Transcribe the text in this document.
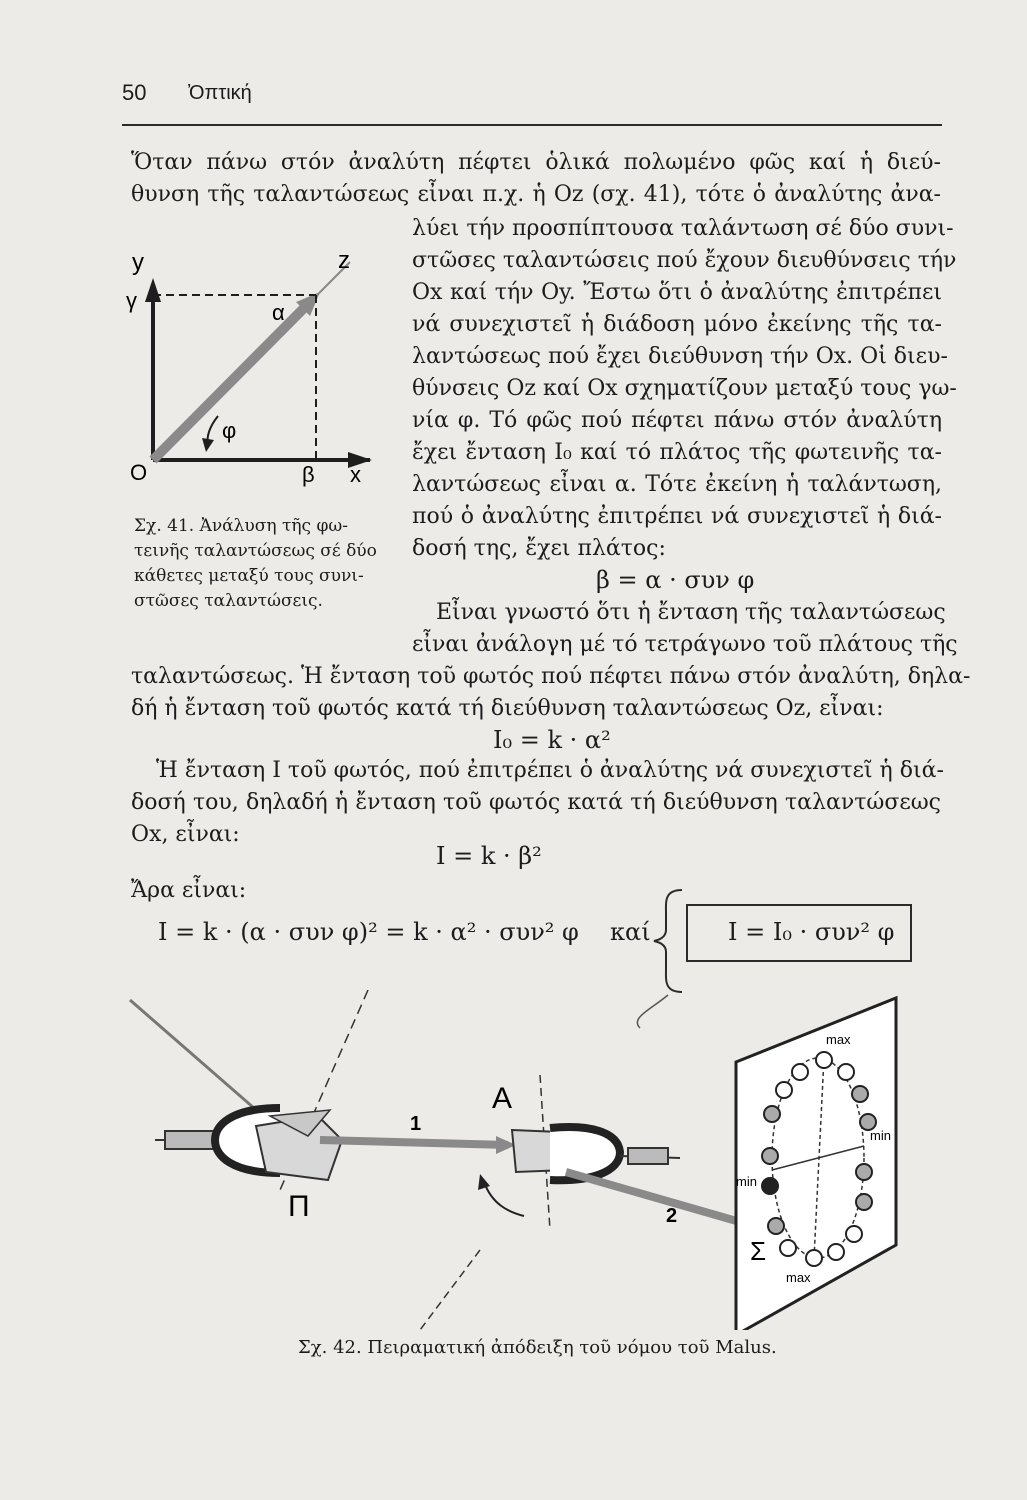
50 Ὀπτική
Ὅταν πάνω στόν ἀναλύτη πέφτει ὁλικά πολωμένο φῶς καί ἡ διεύ-
θυνση τῆς ταλαντώσεως εἶναι π.χ. ἡ Oz (σχ. 41), τότε ὁ ἀναλύτης ἀνα-
λύει τήν προσπίπτουσα ταλάντωση σέ δύο συνι-
στῶσες ταλαντώσεις πού ἔχουν διευθύνσεις τήν
Ox καί τήν Oy. Ἔστω ὅτι ὁ ἀναλύτης ἐπιτρέπει
νά συνεχιστεῖ ἡ διάδοση μόνο ἐκείνης τῆς τα-
λαντώσεως πού ἔχει διεύθυνση τήν Ox. Οἱ διευ-
θύνσεις Oz καί Ox σχηματίζουν μεταξύ τους γω-
νία φ. Τό φῶς πού πέφτει πάνω στόν ἀναλύτη
ἔχει ἔνταση I₀ καί τό πλάτος τῆς φωτεινῆς τα-
λαντώσεως εἶναι α. Τότε ἐκείνη ἡ ταλάντωση,
πού ὁ ἀναλύτης ἐπιτρέπει νά συνεχιστεῖ ἡ διά-
δοσή της, ἔχει πλάτος:
β = α · συν φ
Εἶναι γνωστό ὅτι ἡ ἔνταση τῆς ταλαντώσεως
εἶναι ἀνάλογη μέ τό τετράγωνο τοῦ πλάτους τῆς
ταλαντώσεως. Ἡ ἔνταση τοῦ φωτός πού πέφτει πάνω στόν ἀναλύτη, δηλα-
δή ἡ ἔνταση τοῦ φωτός κατά τή διεύθυνση ταλαντώσεως Oz, εἶναι:
I₀ = k · α²
Ἡ ἔνταση I τοῦ φωτός, πού ἐπιτρέπει ὁ ἀναλύτης νά συνεχιστεῖ ἡ διά-
δοσή του, δηλαδή ἡ ἔνταση τοῦ φωτός κατά τή διεύθυνση ταλαντώσεως
Ox, εἶναι:
I = k · β²
Ἄρα εἶναι:
I = k · (α · συν φ)² = k · α² · συν² φ καί	I = I₀ · συν² φ
y	z
γ	α
φ
O	β x
Σχ. 41. Ἀνάλυση τῆς φω-
τεινῆς ταλαντώσεως σέ δύο
κάθετες μεταξύ τους συνι-
στῶσες ταλαντώσεις.
A
Π
1
2
Σ
max
max
min
min
Σχ. 42. Πειραματική ἀπόδειξη τοῦ νόμου τοῦ Malus.
